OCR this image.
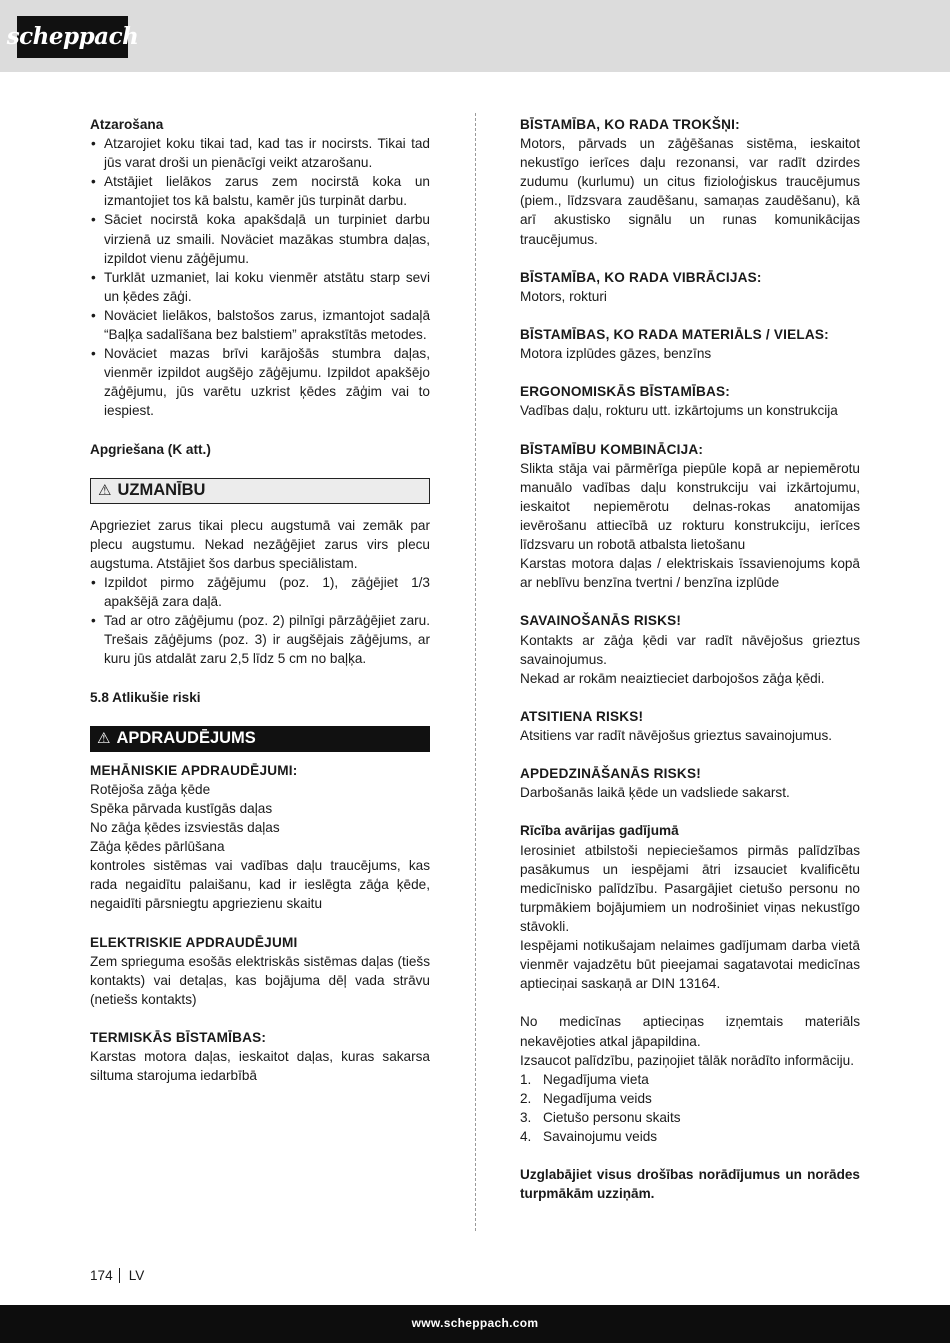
scheppach

Atzarošana

• Atzarojiet koku tikai tad, kad tas ir nocirsts. Tikai tad jūs varat droši un pienācīgi veikt atzarošanu.
• Atstājiet lielākos zarus zem nocirstā koka un izmantojiet tos kā balstu, kamēr jūs turpināt darbu.
• Sāciet nocirstā koka apakšdaļā un turpiniet darbu virzienā uz smaili. Noväciet mazākas stumbra daļas, izpildot vienu zāģējumu.
• Turklāt uzmaniet, lai koku vienmēr atstātu starp sevi un ķēdes zāģi.
• Noväciet lielākos, balstošos zarus, izmantojot sadaļā “Baļķa sadalīšana bez balstiem” aprakstītās metodes.
• Noväciet mazas brīvi karājošās stumbra daļas, vienmēr izpildot augšējo zāģējumu. Izpildot apakšējo zāģējumu, jūs varētu uzkrist ķēdes zāģim vai to iespiest.

Apgriešana (K att.)

⚠ UZMANĪBU

Apgrieziet zarus tikai plecu augstumā vai zemāk par plecu augstumu. Nekad nezāģējiet zarus virs plecu augstuma. Atstājiet šos darbus speciālistam.

• Izpildot pirmo zāģējumu (poz. 1), zāģējiet 1/3 apakšējā zara daļā.
• Tad ar otro zāģējumu (poz. 2) pilnīgi pārzāģējiet zaru. Trešais zāģējums (poz. 3) ir augšējais zāģējums, ar kuru jūs atdalāt zaru 2,5 līdz 5 cm no baļķa.

5.8 Atlikušie riski

⚠ APDRAUDĒJUMS

MEHĀNISKIE APDRAUDĒJUMI:

Rotējoša zāģa ķēde

Spēka pārvada kustīgās daļas

No zāģa ķēdes izsviestās daļas

Zāģa ķēdes pārlūšana

kontroles sistēmas vai vadības daļu traucējums, kas rada negaidītu palaišanu, kad ir ieslēgta zāģa ķēde, negaidīti pārsniegtu apgriezienu skaitu

ELEKTRISKIE APDRAUDĒJUMI

Zem sprieguma esošās elektriskās sistēmas daļas (tiešs kontakts) vai detaļas, kas bojājuma dēļ vada strāvu (netiešs kontakts)

TERMISKĀS BĪSTAMĪBAS:

Karstas motora daļas, ieskaitot daļas, kuras sakarsa siltuma starojuma iedarbībā

BĪSTAMĪBA, KO RADA TROKŠŅI:

Motors, pārvads un zāģēšanas sistēma, ieskaitot nekustīgo ierīces daļu rezonansi, var radīt dzirdes zudumu (kurlumu) un citus fizioloģiskus traucējumus (piem., līdzsvara zaudēšanu, samaņas zaudēšanu), kā arī akustisko signālu un runas komunikācijas traucējumus.

BĪSTAMĪBA, KO RADA VIBRĀCIJAS:

Motors, rokturi

BĪSTAMĪBAS, KO RADA MATERIĀLS / VIELAS:

Motora izplūdes gāzes, benzīns

ERGONOMISKĀS BĪSTAMĪBAS:

Vadības daļu, rokturu utt. izkārtojums un konstrukcija

BĪSTAMĪBU KOMBINĀCIJA:

Slikta stāja vai pārmērīga piepūle kopā ar nepiemērotu manuālo vadības daļu konstrukciju vai izkārtojumu, ieskaitot nepiemērotu delnas-rokas anatomijas ievērošanu attiecībā uz rokturu konstrukciju, ierīces līdzsvaru un robotā atbalsta lietošanu

Karstas motora daļas / elektriskais īssavienojums kopā ar neblīvu benzīna tvertni / benzīna izplūde

SAVAINOŠANĀS RISKS!

Kontakts ar zāģa ķēdi var radīt nāvējošus grieztus savainojumus.

Nekad ar rokām neaiztieciet darbojošos zāģa ķēdi.

ATSITIENA RISKS!

Atsitiens var radīt nāvējošus grieztus savainojumus.

APDEDZINĀŠANĀS RISKS!

Darbošanās laikā ķēde un vadsliede sakarst.

Rīcība avārijas gadījumā

Ierosiniet atbilstoši nepieciešamos pirmās palīdzības pasākumus un iespējami ātri izsauciet kvalificētu medicīnisko palīdzību. Pasargājiet cietušo personu no turpmākiem bojājumiem un nodrošiniet viņas nekustīgo stāvokli.

Iespējami notikušajam nelaimes gadījumam darba vietā vienmēr vajadzētu būt pieejamai sagatavotai medicīnas aptieciņai saskaņā ar DIN 13164.

No medicīnas aptieciņas izņemtais materiāls nekavējoties atkal jāpapildina.

Izsaucot palīdzību, paziņojiet tālāk norādīto informāciju.

1. Negadījuma vieta
2. Negadījuma veids
3. Cietušo personu skaits
4. Savainojumu veids

Uzglabājiet visus drošības norādījumus un norādes turpmākām uzziņām.

174 LV
www.scheppach.com
